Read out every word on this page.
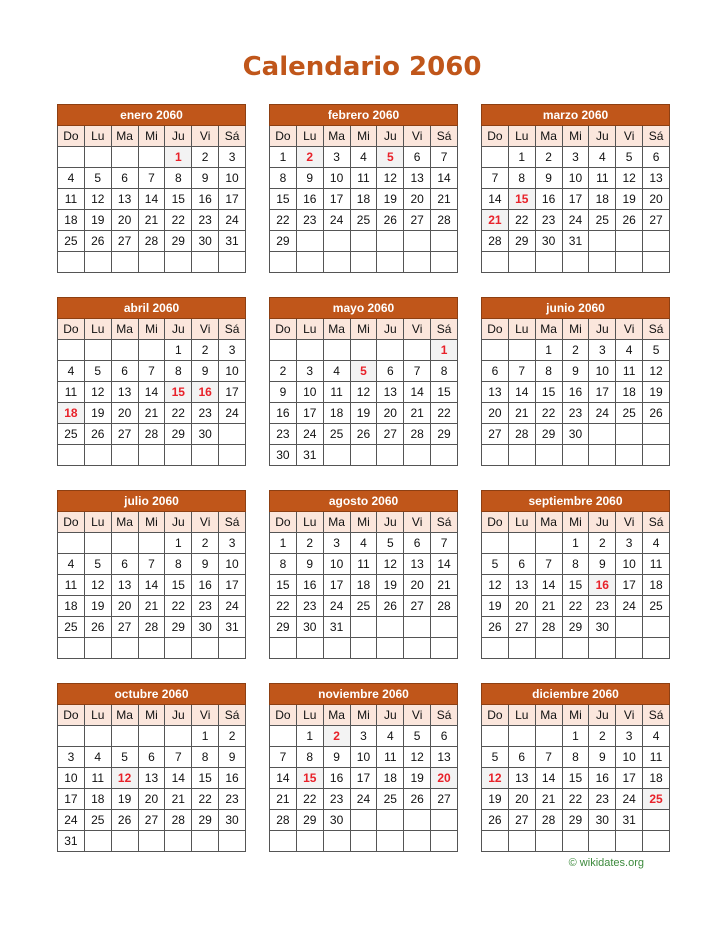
Calendario 2060
enero 2060						
Do	Lu	Ma	Mi	Ju	Vi	Sá
				1	2	3
4	5	6	7	8	9	10
11	12	13	14	15	16	17
18	19	20	21	22	23	24
25	26	27	28	29	30	31

febrero 2060						
Do	Lu	Ma	Mi	Ju	Vi	Sá
1	2	3	4	5	6	7
8	9	10	11	12	13	14
15	16	17	18	19	20	21
22	23	24	25	26	27	28
29						

marzo 2060						
Do	Lu	Ma	Mi	Ju	Vi	Sá
	1	2	3	4	5	6
7	8	9	10	11	12	13
14	15	16	17	18	19	20
21	22	23	24	25	26	27
28	29	30	31			

abril 2060						
Do	Lu	Ma	Mi	Ju	Vi	Sá
				1	2	3
4	5	6	7	8	9	10
11	12	13	14	15	16	17
18	19	20	21	22	23	24
25	26	27	28	29	30	

mayo 2060						
Do	Lu	Ma	Mi	Ju	Vi	Sá
						1
2	3	4	5	6	7	8
9	10	11	12	13	14	15
16	17	18	19	20	21	22
23	24	25	26	27	28	29
30	31					
junio 2060						
Do	Lu	Ma	Mi	Ju	Vi	Sá
		1	2	3	4	5
6	7	8	9	10	11	12
13	14	15	16	17	18	19
20	21	22	23	24	25	26
27	28	29	30			

julio 2060						
Do	Lu	Ma	Mi	Ju	Vi	Sá
				1	2	3
4	5	6	7	8	9	10
11	12	13	14	15	16	17
18	19	20	21	22	23	24
25	26	27	28	29	30	31

agosto 2060						
Do	Lu	Ma	Mi	Ju	Vi	Sá
1	2	3	4	5	6	7
8	9	10	11	12	13	14
15	16	17	18	19	20	21
22	23	24	25	26	27	28
29	30	31				

septiembre 2060						
Do	Lu	Ma	Mi	Ju	Vi	Sá
			1	2	3	4
5	6	7	8	9	10	11
12	13	14	15	16	17	18
19	20	21	22	23	24	25
26	27	28	29	30		

octubre 2060						
Do	Lu	Ma	Mi	Ju	Vi	Sá
					1	2
3	4	5	6	7	8	9
10	11	12	13	14	15	16
17	18	19	20	21	22	23
24	25	26	27	28	29	30
31						
noviembre 2060						
Do	Lu	Ma	Mi	Ju	Vi	Sá
	1	2	3	4	5	6
7	8	9	10	11	12	13
14	15	16	17	18	19	20
21	22	23	24	25	26	27
28	29	30				

diciembre 2060						
Do	Lu	Ma	Mi	Ju	Vi	Sá
			1	2	3	4
5	6	7	8	9	10	11
12	13	14	15	16	17	18
19	20	21	22	23	24	25
26	27	28	29	30	31	

© wikidates.org
